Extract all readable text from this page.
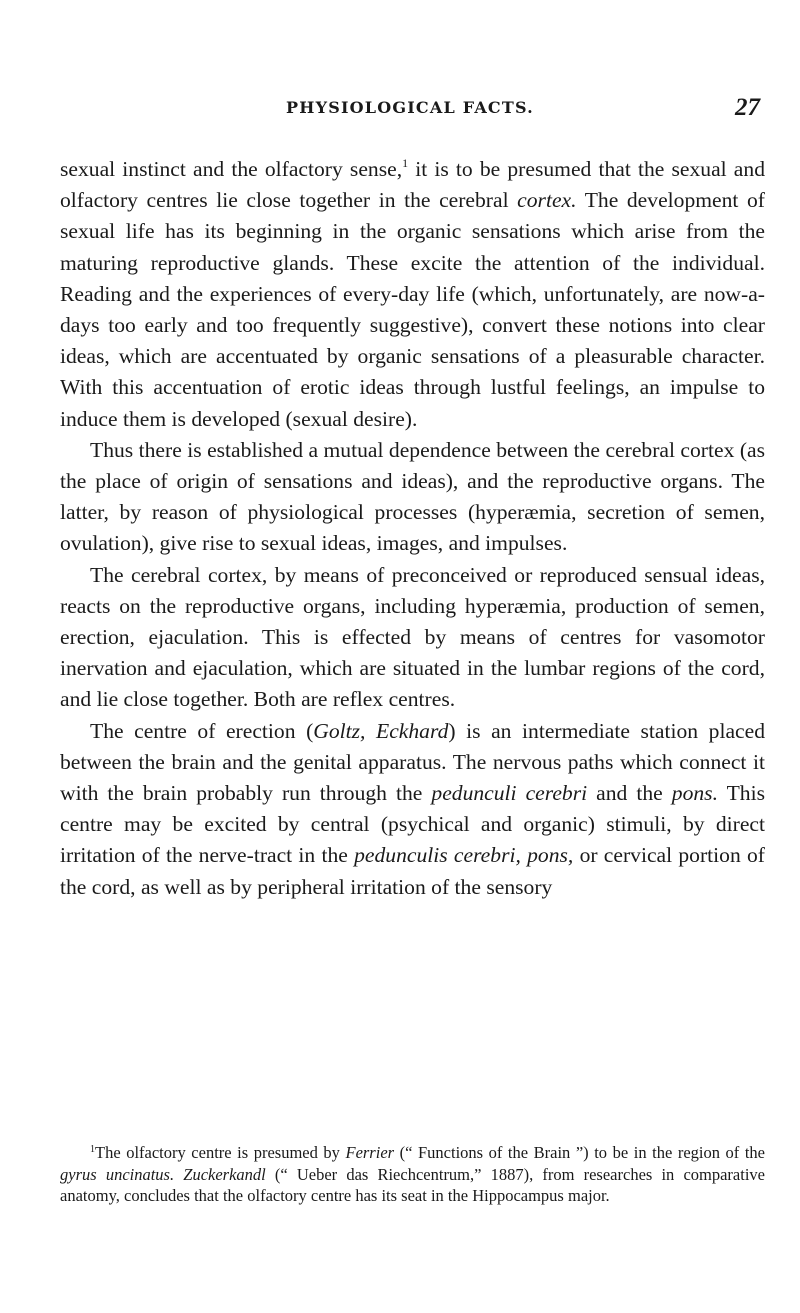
PHYSIOLOGICAL FACTS.	27

sexual instinct and the olfactory sense,$^1$ it is to be presumed that the sexual and olfactory centres lie close together in the cerebral cortex. The development of sexual life has its beginning in the organic sensations which arise from the maturing reproductive glands. These excite the attention of the individual. Reading and the experiences of every-day life (which, unfortunately, are now-a-days too early and too frequently suggestive), convert these notions into clear ideas, which are accentuated by organic sensations of a pleasurable character. With this accentuation of erotic ideas through lustful feelings, an impulse to induce them is developed (sexual desire).

Thus there is established a mutual dependence between the cerebral cortex (as the place of origin of sensations and ideas), and the reproductive organs. The latter, by reason of physiological processes (hyperæmia, secretion of semen, ovulation), give rise to sexual ideas, images, and impulses.

The cerebral cortex, by means of preconceived or reproduced sensual ideas, reacts on the reproductive organs, including hyperæmia, production of semen, erection, ejaculation. This is effected by means of centres for vasomotor inervation and ejaculation, which are situated in the lumbar regions of the cord, and lie close together. Both are reflex centres.

The centre of erection (Goltz, Eckhard) is an intermediate station placed between the brain and the genital apparatus. The nervous paths which connect it with the brain probably run through the pedunculi cerebri and the pons. This centre may be excited by central (psychical and organic) stimuli, by direct irritation of the nerve-tract in the pedunculis cerebri, pons, or cervical portion of the cord, as well as by peripheral irritation of the sensory

$^1$The olfactory centre is presumed by Ferrier (“ Functions of the Brain ”) to be in the region of the gyrus uncinatus. Zuckerkandl (“ Ueber das Riechcentrum,” 1887), from researches in comparative anatomy, concludes that the olfactory centre has its seat in the Hippocampus major.
